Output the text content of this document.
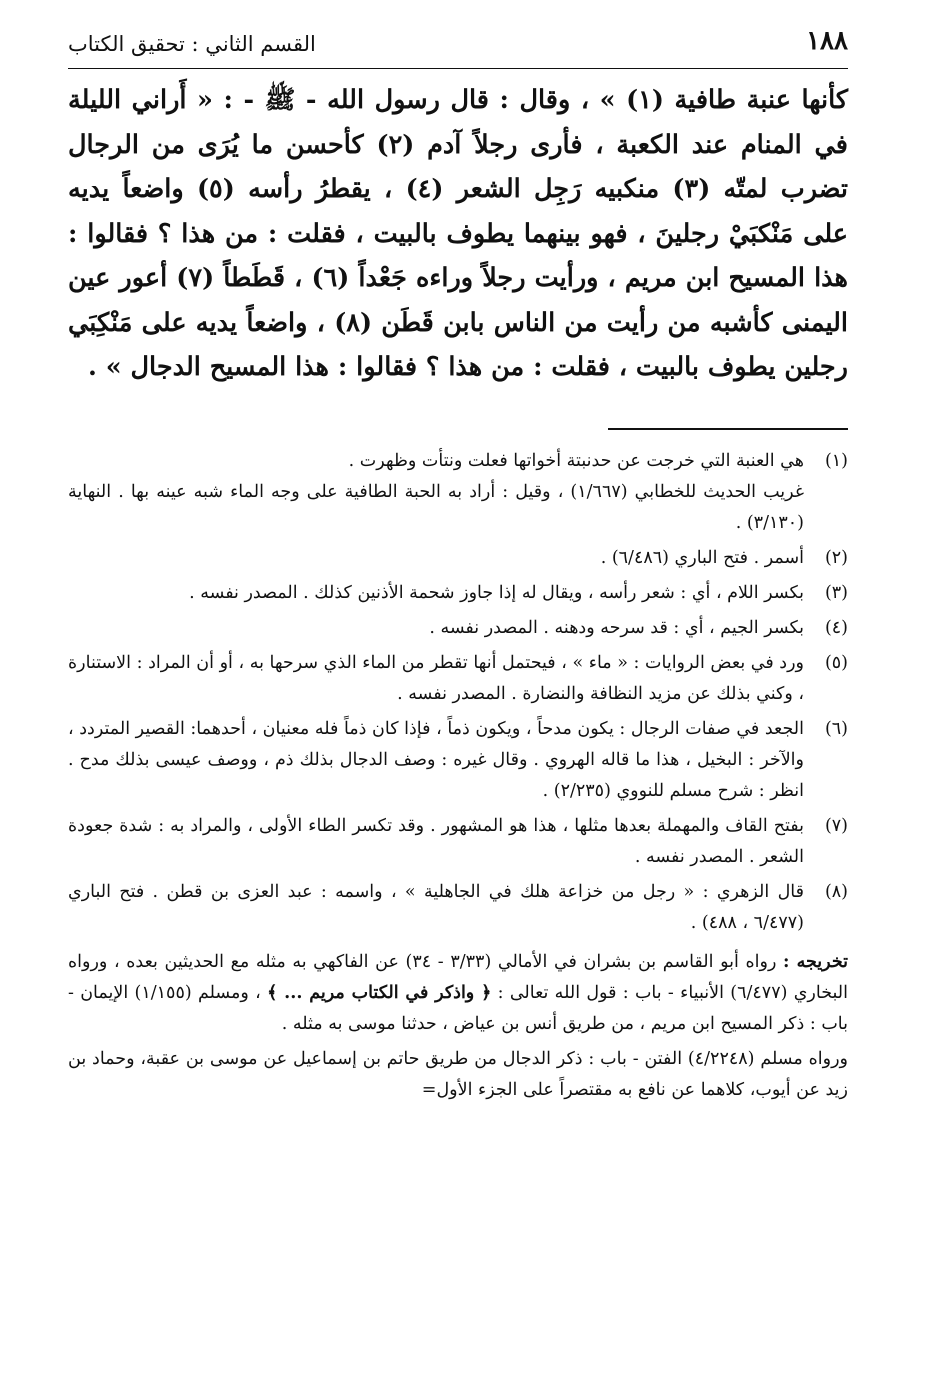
١٨٨
القسم الثاني : تحقيق الكتاب

كأنها عنبة طافية (١) » ، وقال : قال رسول الله - ﷺ - : « أَراني الليلة في المنام عند الكعبة ، فأرى رجلاً آدم (٢) كأحسن ما يُرَى من الرجال تضرب لمتّه (٣) منكبيه رَجِل الشعر (٤) ، يقطرُ رأسه (٥) واضعاً يديه على مَنْكبَيْ رجلينَ ، فهو بينهما يطوف بالبيت ، فقلت : من هذا ؟ فقالوا : هذا المسيح ابن مريم ، ورأيت رجلاً وراءه جَعْداً (٦) ، قَطَطاً (٧) أعور عين اليمنى كأشبه من رأيت من الناس بابن قَطَن (٨) ، واضعاً يديه على مَنْكِبَي رجلين يطوف بالبيت ، فقلت : من هذا ؟ فقالوا : هذا المسيح الدجال » .

(١)

هي العنبة التي خرجت عن حدنبتة أخواتها فعلت ونتأت وظهرت .

غريب الحديث للخطابي (١/٦٦٧) ، وقيل : أراد به الحبة الطافية على وجه الماء شبه عينه بها . النهاية (٣/١٣٠) .

(٢)

أسمر . فتح الباري (٦/٤٨٦) .

(٣)

بكسر اللام ، أي : شعر رأسه ، ويقال له إذا جاوز شحمة الأذنين كذلك . المصدر نفسه .

(٤)

بكسر الجيم ، أي : قد سرحه ودهنه . المصدر نفسه .

(٥)

ورد في بعض الروايات : « ماء » ، فيحتمل أنها تقطر من الماء الذي سرحها به ، أو أن المراد : الاستنارة ، وكني بذلك عن مزيد النظافة والنضارة . المصدر نفسه .

(٦)

الجعد في صفات الرجال : يكون مدحاً ، ويكون ذماً ، فإذا كان ذماً فله معنيان ، أحدهما: القصير المتردد ، والآخر : البخيل ، هذا ما قاله الهروي . وقال غيره : وصف الدجال بذلك ذم ، ووصف عيسى بذلك مدح . انظر : شرح مسلم للنووي (٢/٢٣٥) .

(٧)

بفتح القاف والمهملة بعدها مثلها ، هذا هو المشهور . وقد تكسر الطاء الأولى ، والمراد به : شدة جعودة الشعر . المصدر نفسه .

(٨)

قال الزهري : « رجل من خزاعة هلك في الجاهلية » ، واسمه : عبد العزى بن قطن . فتح الباري (٦/٤٧٧ ، ٤٨٨) .

تخريجه : رواه أبو القاسم بن بشران في الأمالي (٣/٣٣ - ٣٤) عن الفاكهي به مثله مع الحديثين بعده ، ورواه البخاري (٦/٤٧٧) الأنبياء - باب : قول الله تعالى : ﴿ واذكر في الكتاب مريم ... ﴾ ، ومسلم (١/١٥٥) الإيمان - باب : ذكر المسيح ابن مريم ، من طريق أنس بن عياض ، حدثنا موسى به مثله .

ورواه مسلم (٤/٢٢٤٨) الفتن - باب : ذكر الدجال من طريق حاتم بن إسماعيل عن موسى بن عقبة، وحماد بن زيد عن أيوب، كلاهما عن نافع به مقتصراً على الجزء الأول=
